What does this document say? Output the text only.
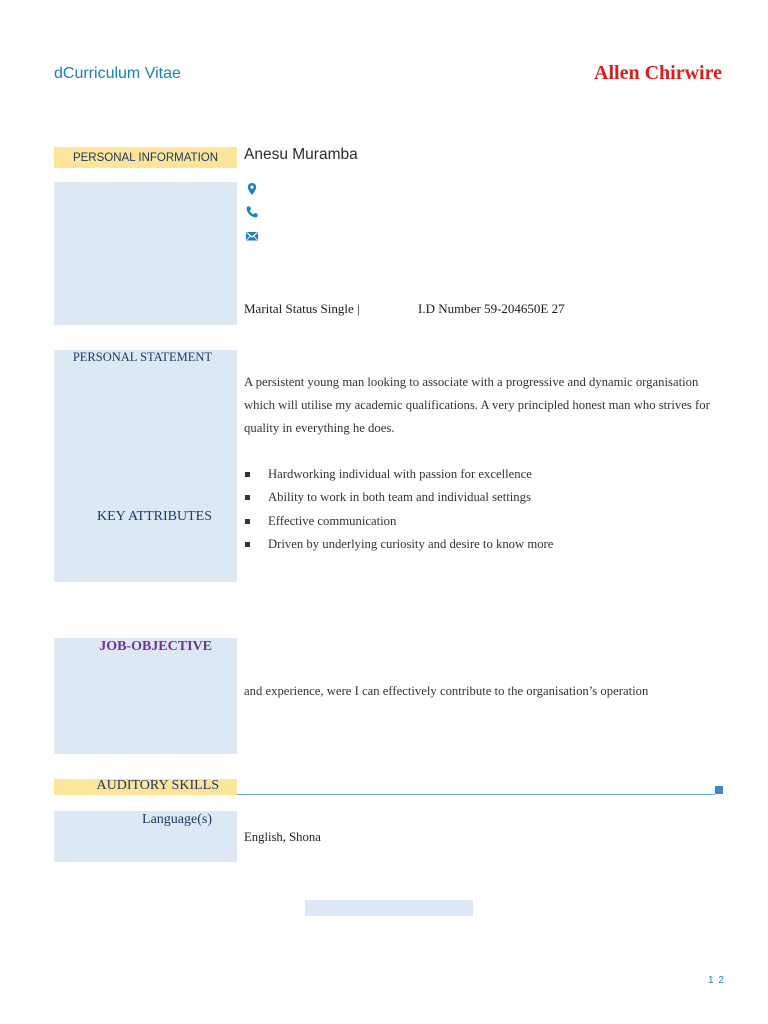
dCurriculum Vitae	Allen Chirwire
PERSONAL INFORMATION	Anesu Muramba
Marital Status Single |	I.D Number 59-204650E 27
PERSONAL STATEMENT
A persistent young man looking to associate with a progressive and dynamic organisation which will utilise my academic qualifications. A very principled honest man who strives for quality in everything he does.
KEY ATTRIBUTES
Hardworking individual with passion for excellence
Ability to work in both team and individual settings
Effective communication
Driven by underlying curiosity and desire to know more
JOB-OBJECTIVE
and experience, were I can effectively contribute to the organisation’s operation
AUDITORY SKILLS
Language(s)
English, Shona
1 2
